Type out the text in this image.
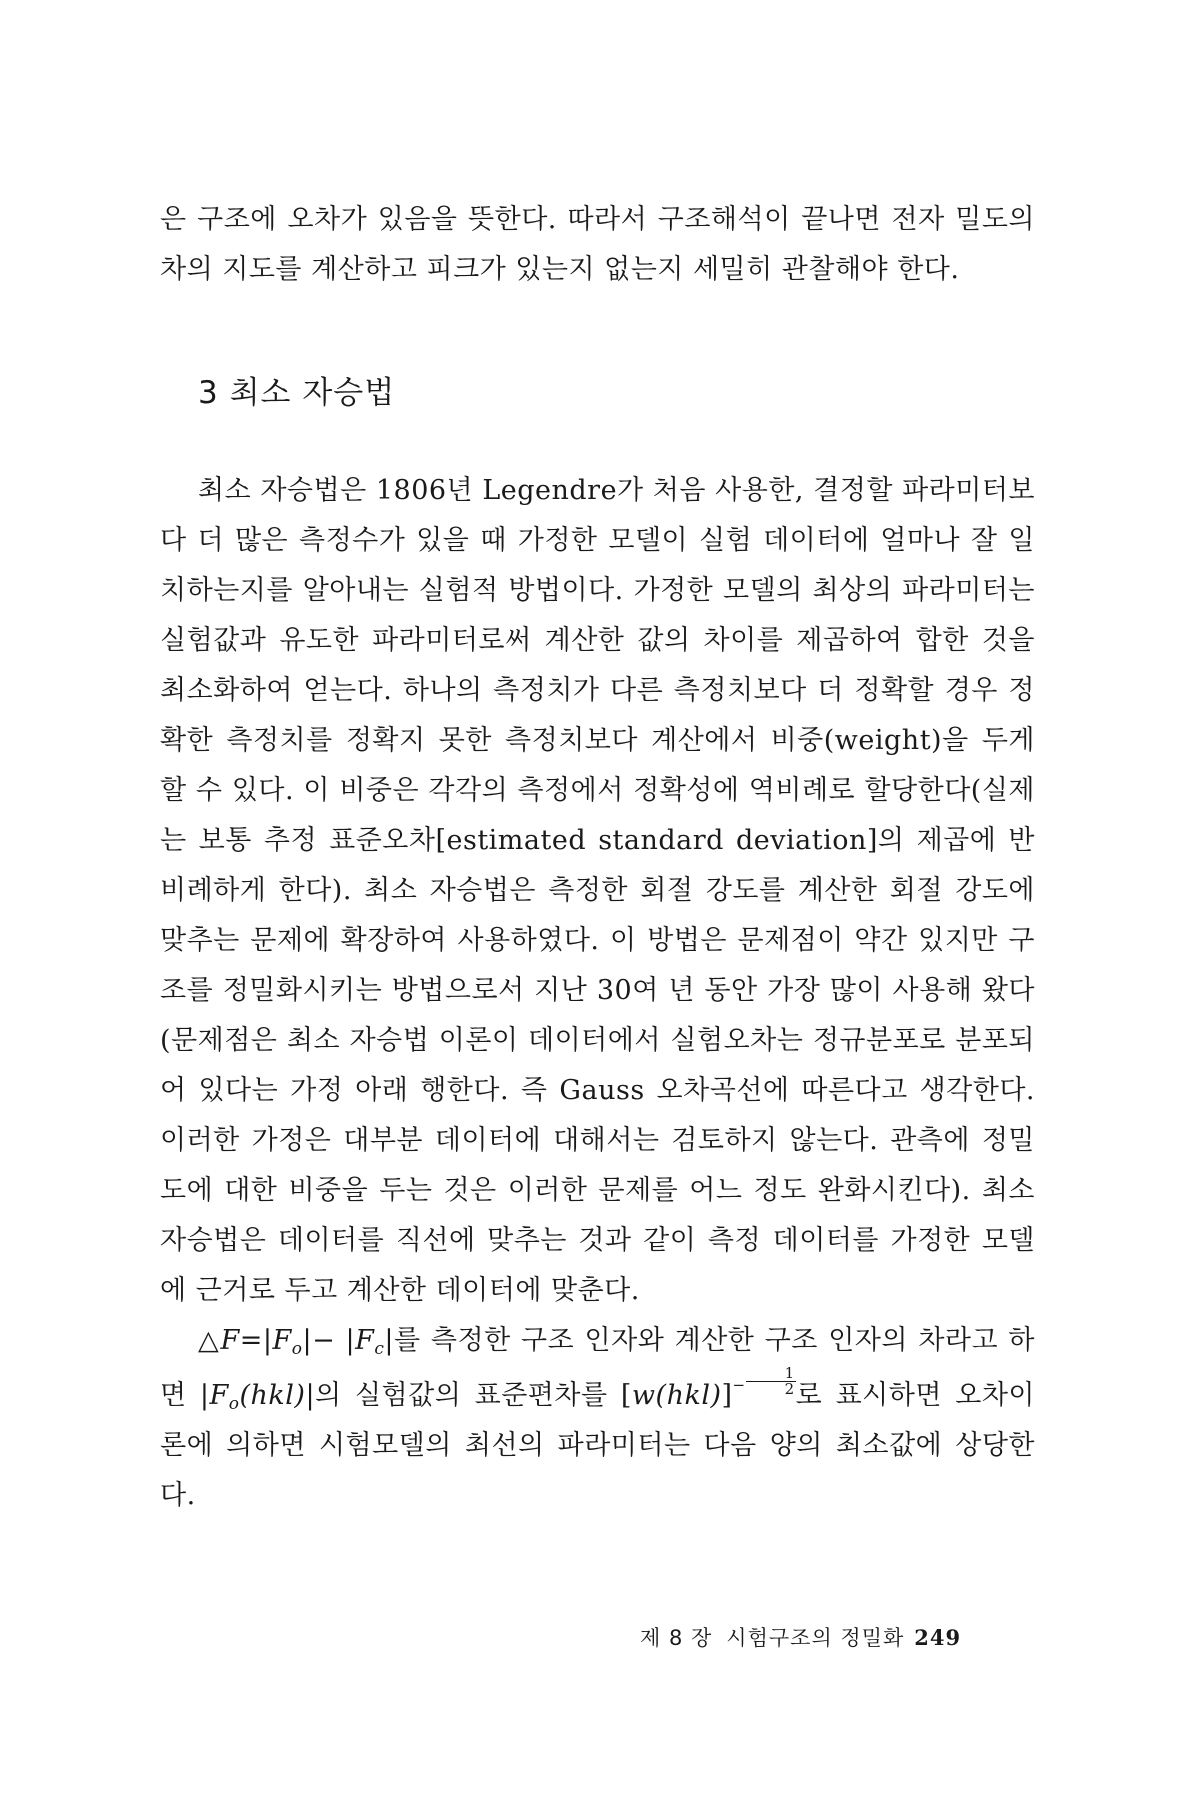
은 구조에 오차가 있음을 뜻한다. 따라서 구조해석이 끝나면 전자 밀도의 차의 지도를 계산하고 피크가 있는지 없는지 세밀히 관찰해야 한다.

3 최소 자승법

최소 자승법은 1806년 Legendre가 처음 사용한, 결정할 파라미터보다 더 많은 측정수가 있을 때 가정한 모델이 실험 데이터에 얼마나 잘 일치하는지를 알아내는 실험적 방법이다. 가정한 모델의 최상의 파라미터는 실험값과 유도한 파라미터로써 계산한 값의 차이를 제곱하여 합한 것을 최소화하여 얻는다. 하나의 측정치가 다른 측정치보다 더 정확할 경우 정확한 측정치를 정확지 못한 측정치보다 계산에서 비중(weight)을 두게 할 수 있다. 이 비중은 각각의 측정에서 정확성에 역비례로 할당한다(실제는 보통 추정 표준오차[estimated standard deviation]의 제곱에 반비례하게 한다). 최소 자승법은 측정한 회절 강도를 계산한 회절 강도에 맞추는 문제에 확장하여 사용하였다. 이 방법은 문제점이 약간 있지만 구조를 정밀화시키는 방법으로서 지난 30여 년 동안 가장 많이 사용해 왔다(문제점은 최소 자승법 이론이 데이터에서 실험오차는 정규분포로 분포되어 있다는 가정 아래 행한다. 즉 Gauss 오차곡선에 따른다고 생각한다. 이러한 가정은 대부분 데이터에 대해서는 검토하지 않는다. 관측에 정밀도에 대한 비중을 두는 것은 이러한 문제를 어느 정도 완화시킨다). 최소 자승법은 데이터를 직선에 맞추는 것과 같이 측정 데이터를 가정한 모델에 근거로 두고 계산한 데이터에 맞춘다.

$\triangle F=|F_o|- |F_c|$를 측정한 구조 인자와 계산한 구조 인자의 차라고 하면 $|F_o(hkl)|$의 실험값의 표준편차를 $[w(hkl)]^- \frac{1}{2}$ 로 표시하면 오차이론에 의하면 시험모델의 최선의 파라미터는 다음 양의 최소값에 상당한다.

제 8 장 시험구조의 정밀화 249
